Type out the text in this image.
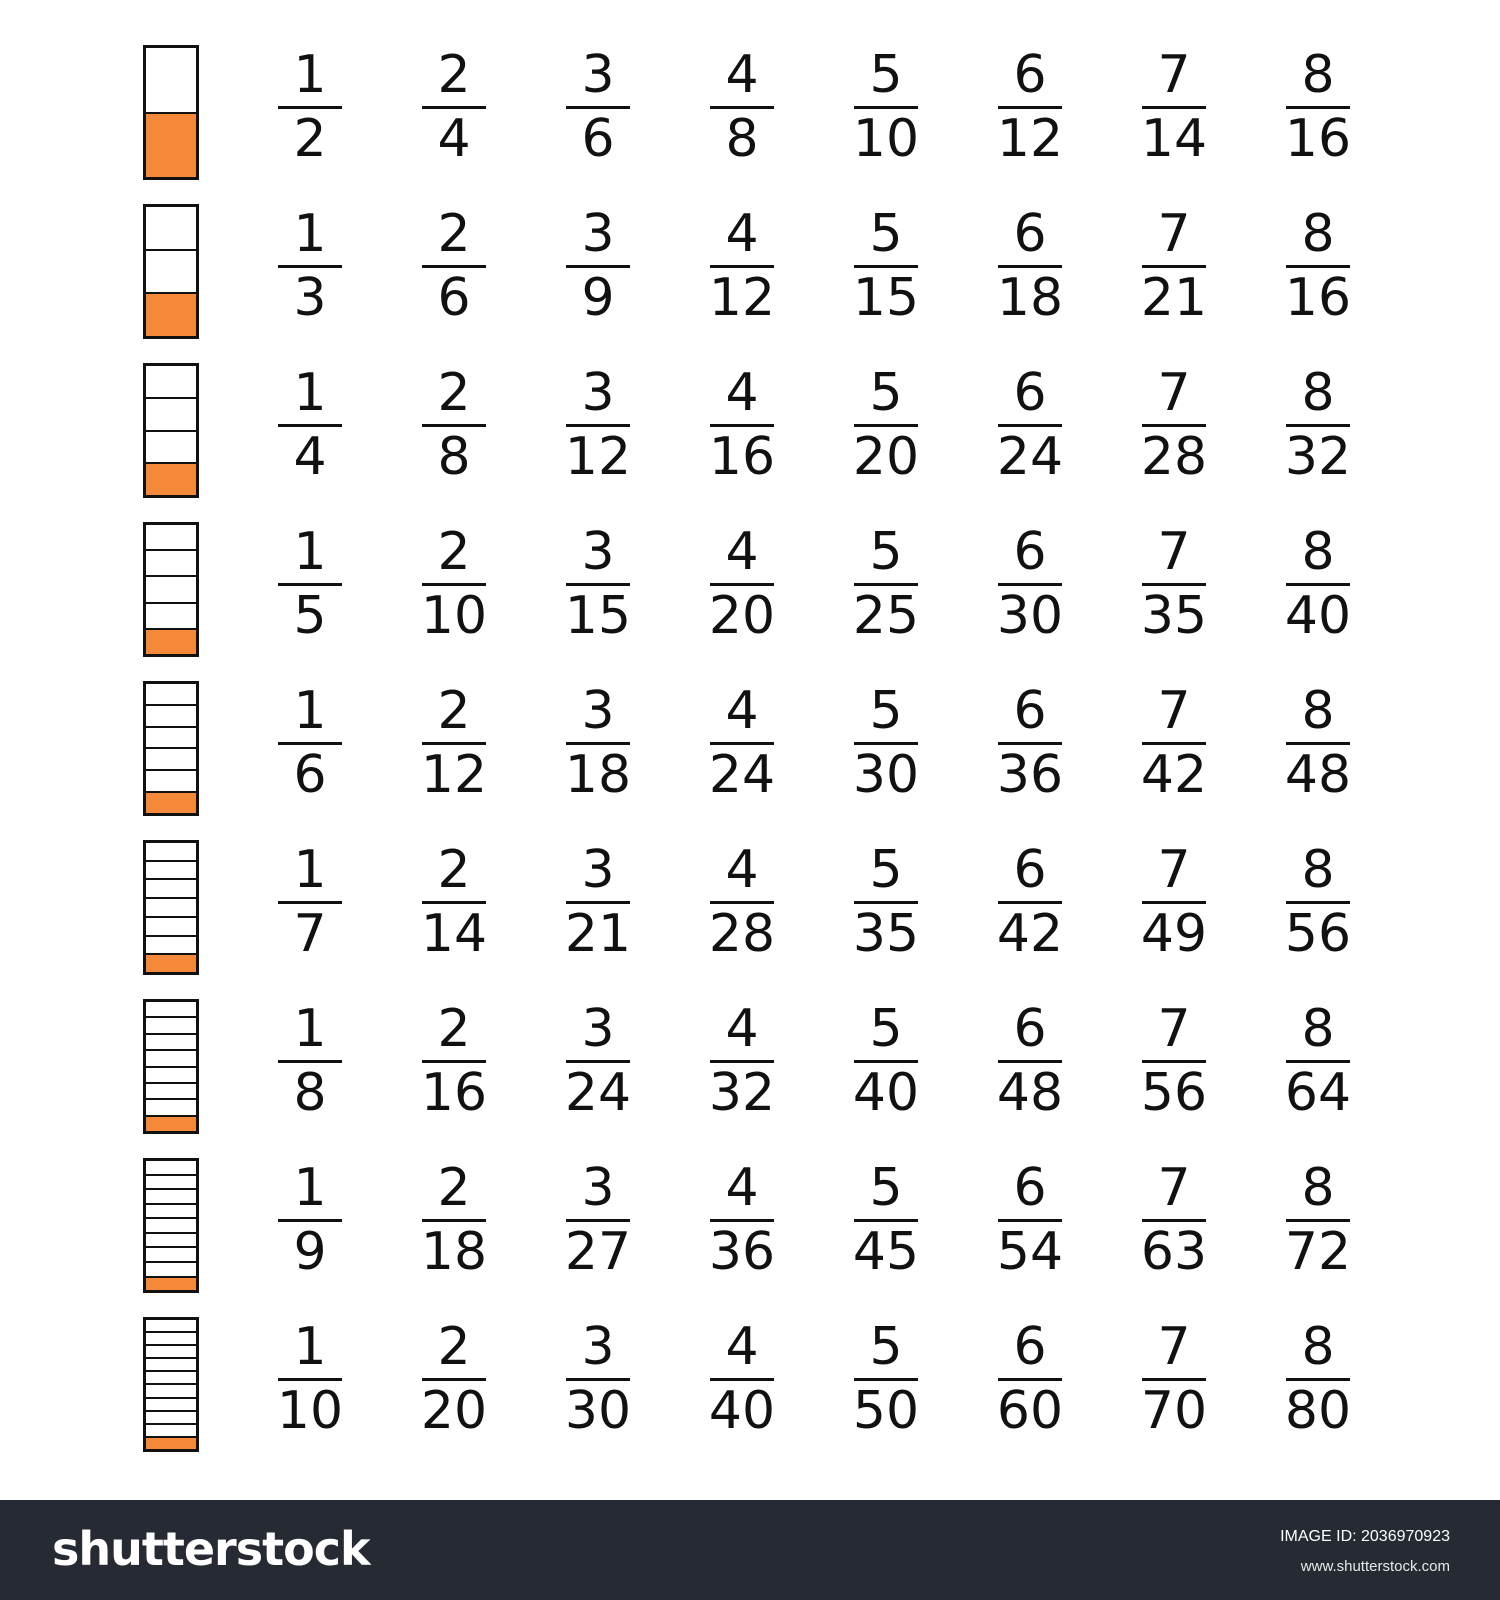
1
2
2
4
3
6
4
8
5
10
6
12
7
14
8
16
1
3
2
6
3
9
4
12
5
15
6
18
7
21
8
16
1
4
2
8
3
12
4
16
5
20
6
24
7
28
8
32
1
5
2
10
3
15
4
20
5
25
6
30
7
35
8
40
1
6
2
12
3
18
4
24
5
30
6
36
7
42
8
48
1
7
2
14
3
21
4
28
5
35
6
42
7
49
8
56
1
8
2
16
3
24
4
32
5
40
6
48
7
56
8
64
1
9
2
18
3
27
4
36
5
45
6
54
7
63
8
72
1
10
2
20
3
30
4
40
5
50
6
60
7
70
8
80
shutterstock	IMAGE ID: 2036970923
www.shutterstock.com
